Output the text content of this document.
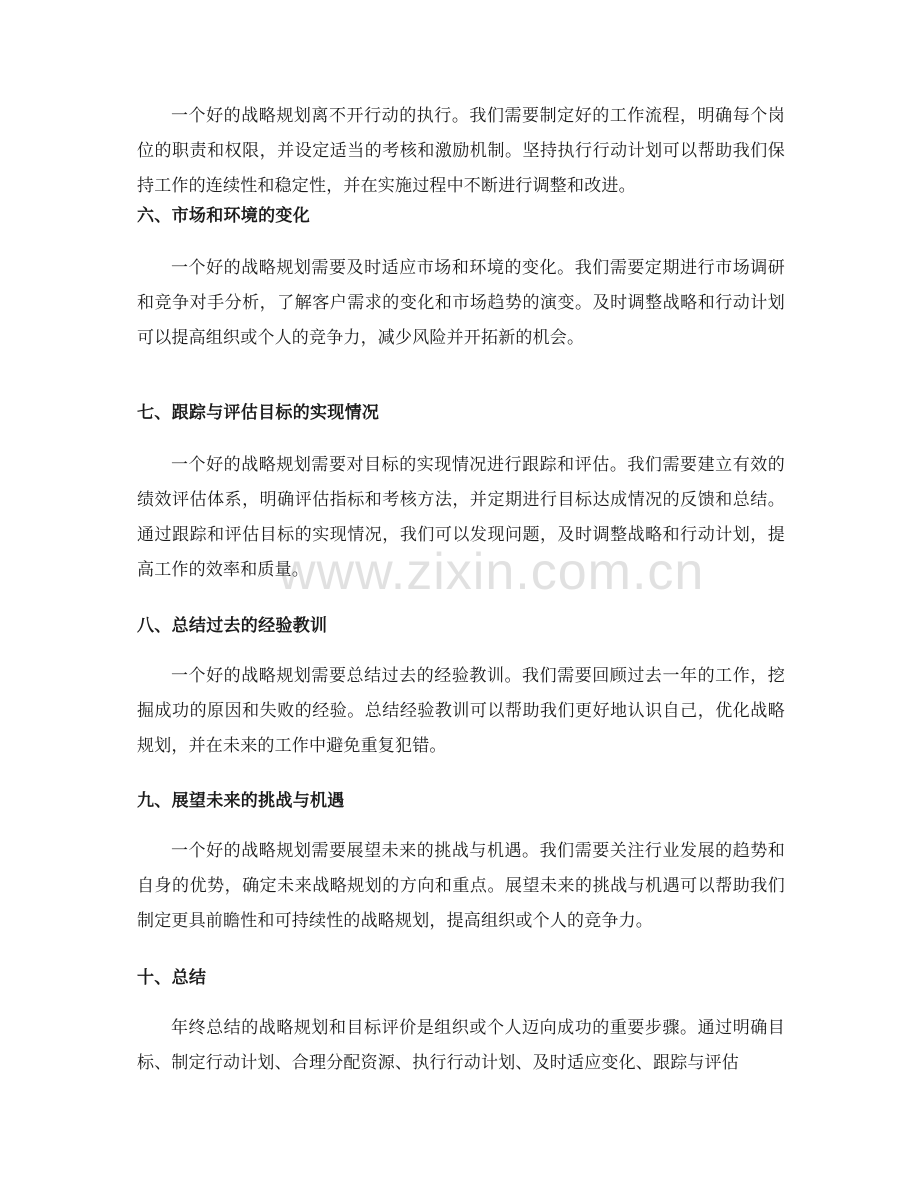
一个好的战略规划离不开行动的执行。我们需要制定好的工作流程，明确每个岗位的职责和权限，并设定适当的考核和激励机制。坚持执行行动计划可以帮助我们保持工作的连续性和稳定性，并在实施过程中不断进行调整和改进。

六、市场和环境的变化

一个好的战略规划需要及时适应市场和环境的变化。我们需要定期进行市场调研和竞争对手分析，了解客户需求的变化和市场趋势的演变。及时调整战略和行动计划可以提高组织或个人的竞争力，减少风险并开拓新的机会。

七、跟踪与评估目标的实现情况

一个好的战略规划需要对目标的实现情况进行跟踪和评估。我们需要建立有效的绩效评估体系，明确评估指标和考核方法，并定期进行目标达成情况的反馈和总结。通过跟踪和评估目标的实现情况，我们可以发现问题，及时调整战略和行动计划，提高工作的效率和质量。

八、总结过去的经验教训

一个好的战略规划需要总结过去的经验教训。我们需要回顾过去一年的工作，挖掘成功的原因和失败的经验。总结经验教训可以帮助我们更好地认识自己，优化战略规划，并在未来的工作中避免重复犯错。

九、展望未来的挑战与机遇

一个好的战略规划需要展望未来的挑战与机遇。我们需要关注行业发展的趋势和自身的优势，确定未来战略规划的方向和重点。展望未来的挑战与机遇可以帮助我们制定更具前瞻性和可持续性的战略规划，提高组织或个人的竞争力。

十、总结

年终总结的战略规划和目标评价是组织或个人迈向成功的重要步骤。通过明确目标、制定行动计划、合理分配资源、执行行动计划、及时适应变化、跟踪与评估

www.zixin.com.cn
